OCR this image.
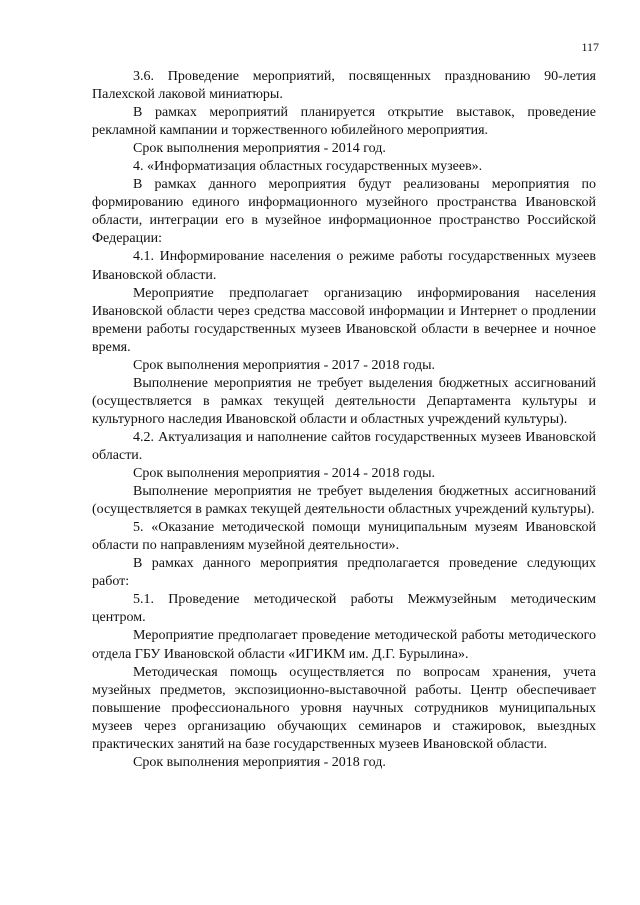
117

3.6. Проведение мероприятий, посвященных празднованию 90-летия Палехской лаковой миниатюры.

В рамках мероприятий планируется открытие выставок, проведение рекламной кампании и торжественного юбилейного мероприятия.

Срок выполнения мероприятия - 2014 год.

4. «Информатизация областных государственных музеев».

В рамках данного мероприятия будут реализованы мероприятия по формированию единого информационного музейного пространства Ивановской области, интеграции его в музейное информационное пространство Российской Федерации:

4.1. Информирование населения о режиме работы государственных музеев Ивановской области.

Мероприятие предполагает организацию информирования населения Ивановской области через средства массовой информации и Интернет о продлении времени работы государственных музеев Ивановской области в вечернее и ночное время.

Срок выполнения мероприятия - 2017 - 2018 годы.

Выполнение мероприятия не требует выделения бюджетных ассигнований (осуществляется в рамках текущей деятельности Департамента культуры и культурного наследия Ивановской области и областных учреждений культуры).

4.2. Актуализация и наполнение сайтов государственных музеев Ивановской области.

Срок выполнения мероприятия - 2014 - 2018 годы.

Выполнение мероприятия не требует выделения бюджетных ассигнований (осуществляется в рамках текущей деятельности областных учреждений культуры).

5. «Оказание методической помощи муниципальным музеям Ивановской области по направлениям музейной деятельности».

В рамках данного мероприятия предполагается проведение следующих работ:

5.1. Проведение методической работы Межмузейным методическим центром.

Мероприятие предполагает проведение методической работы методического отдела ГБУ Ивановской области «ИГИКМ им. Д.Г. Бурылина».

Методическая помощь осуществляется по вопросам хранения, учета музейных предметов, экспозиционно-выставочной работы. Центр обеспечивает повышение профессионального уровня научных сотрудников муниципальных музеев через организацию обучающих семинаров и стажировок, выездных практических занятий на базе государственных музеев Ивановской области.

Срок выполнения мероприятия - 2018 год.
